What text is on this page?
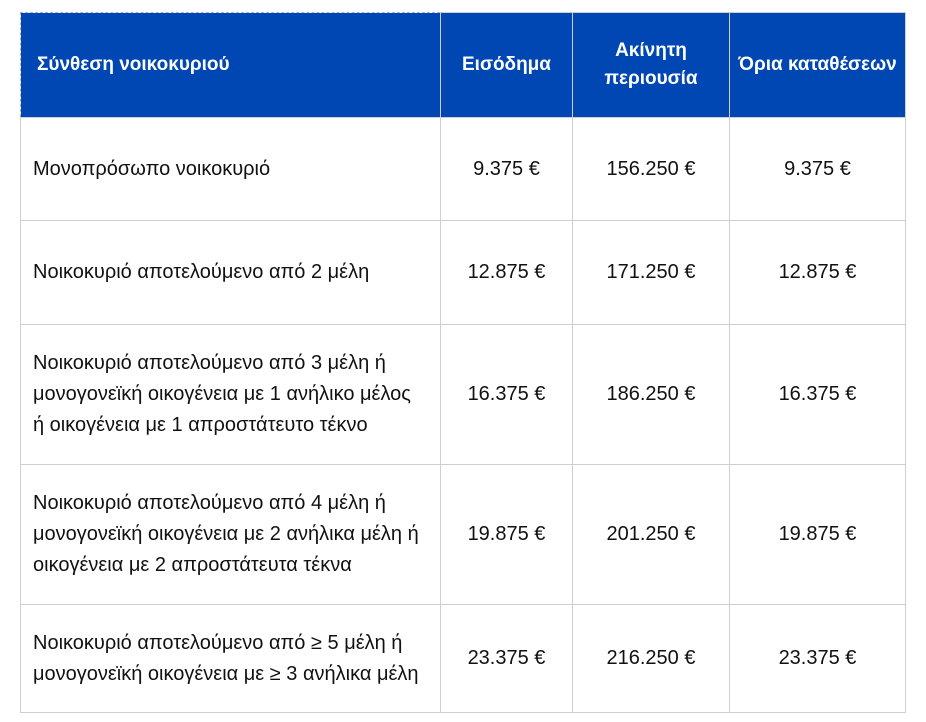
Σύνθεση νοικοκυριού	Εισόδημα	Ακίνητη περιουσία	Όρια καταθέσεων
Μονοπρόσωπο νοικοκυριό	9.375 €	156.250 €	9.375 €
Νοικοκυριό αποτελούμενο από 2 μέλη	12.875 €	171.250 €	12.875 €
Νοικοκυριό αποτελούμενο από 3 μέλη ή μονογονεϊκή οικογένεια με 1 ανήλικο μέλος ή οικογένεια με 1 απροστάτευτο τέκνο	16.375 €	186.250 €	16.375 €
Νοικοκυριό αποτελούμενο από 4 μέλη ή μονογονεϊκή οικογένεια με 2 ανήλικα μέλη ή οικογένεια με 2 απροστάτευτα τέκνα	19.875 €	201.250 €	19.875 €
Νοικοκυριό αποτελούμενο από ≥ 5 μέλη ή μονογονεϊκή οικογένεια με ≥ 3 ανήλικα μέλη	23.375 €	216.250 €	23.375 €
